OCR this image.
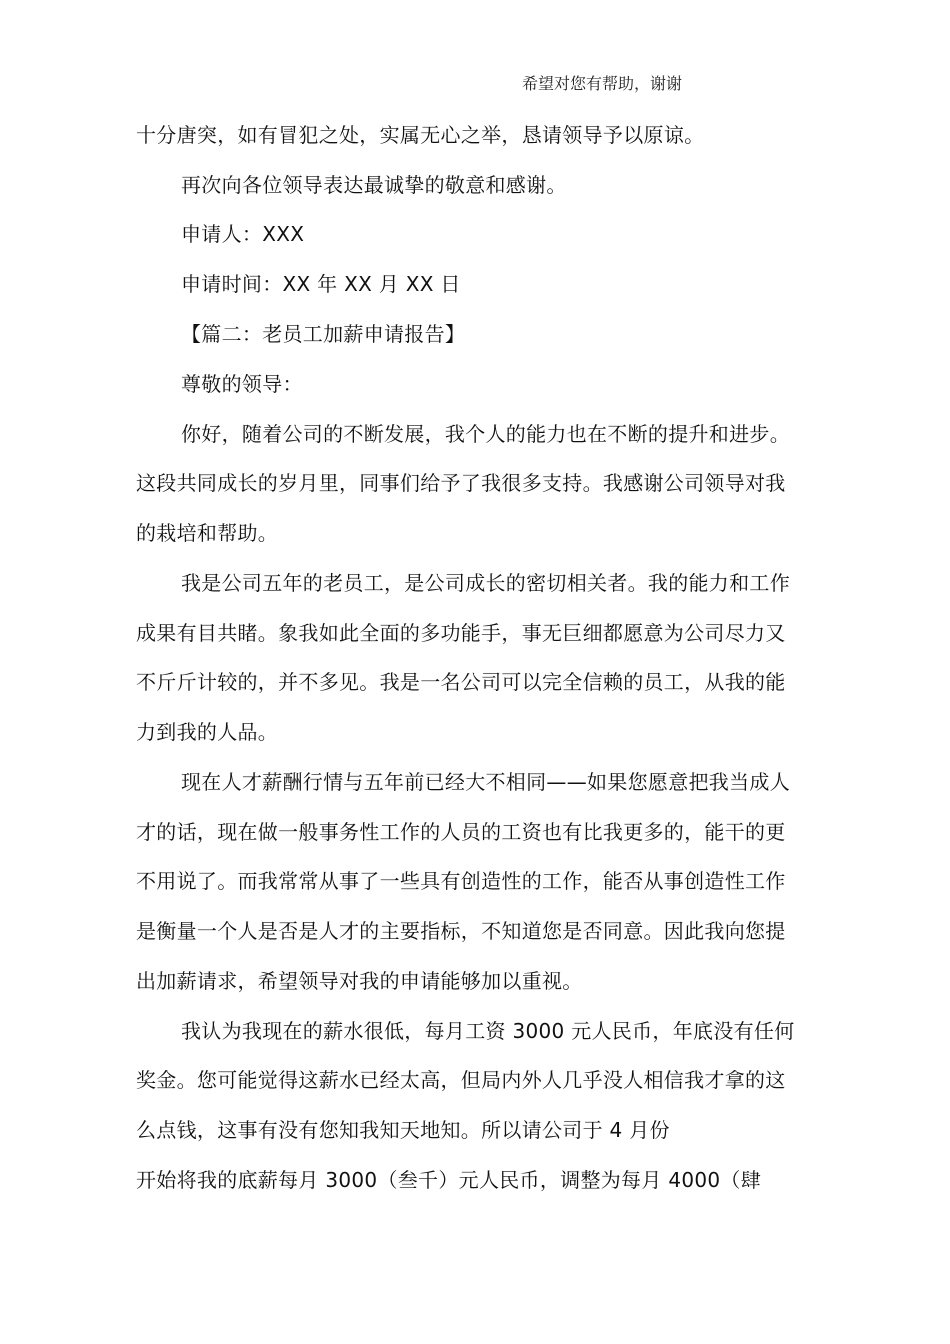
希望对您有帮助，谢谢
十分唐突，如有冒犯之处，实属无心之举，恳请领导予以原谅。
再次向各位领导表达最诚挚的敬意和感谢。
申请人：XXX
申请时间：XX 年 XX 月 XX 日
【篇二：老员工加薪申请报告】
尊敬的领导：
你好，随着公司的不断发展，我个人的能力也在不断的提升和进步。
这段共同成长的岁月里，同事们给予了我很多支持。我感谢公司领导对我
的栽培和帮助。
我是公司五年的老员工，是公司成长的密切相关者。我的能力和工作
成果有目共睹。象我如此全面的多功能手，事无巨细都愿意为公司尽力又
不斤斤计较的，并不多见。我是一名公司可以完全信赖的员工，从我的能
力到我的人品。
现在人才薪酬行情与五年前已经大不相同——如果您愿意把我当成人
才的话，现在做一般事务性工作的人员的工资也有比我更多的，能干的更
不用说了。而我常常从事了一些具有创造性的工作，能否从事创造性工作
是衡量一个人是否是人才的主要指标，不知道您是否同意。因此我向您提
出加薪请求，希望领导对我的申请能够加以重视。
我认为我现在的薪水很低，每月工资 3000 元人民币，年底没有任何
奖金。您可能觉得这薪水已经太高，但局内外人几乎没人相信我才拿的这
么点钱，这事有没有您知我知天地知。所以请公司于 4 月份
开始将我的底薪每月 3000（叁千）元人民币，调整为每月 4000（肆
